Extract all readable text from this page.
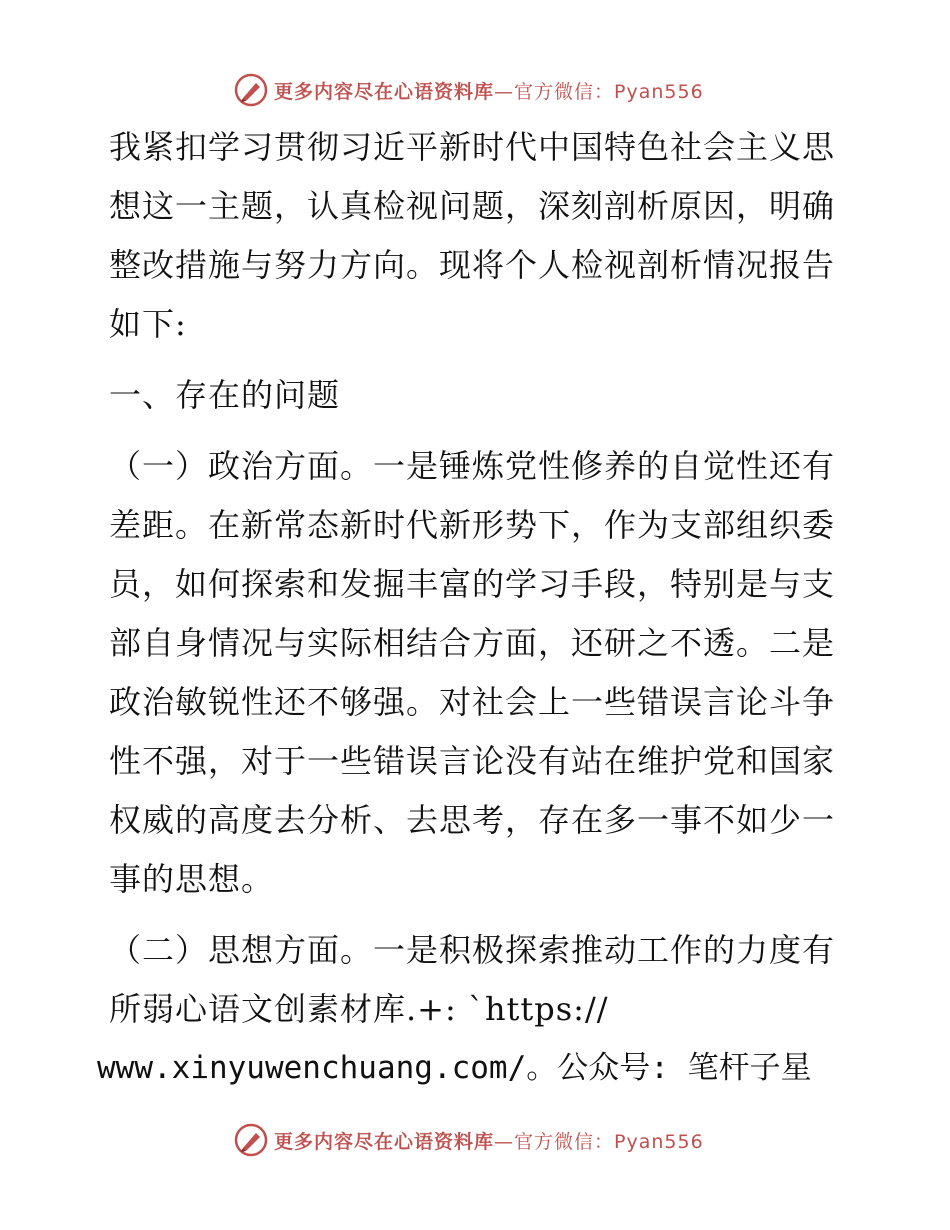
更多内容尽在心语资料库—官方微信：Pyan556

我紧扣学习贯彻习近平新时代中国特色社会主义思想这一主题，认真检视问题，深刻剖析原因，明确整改措施与努力方向。现将个人检视剖析情况报告如下:

一、存在的问题

（一）政治方面。一是锤炼党性修养的自觉性还有差距。在新常态新时代新形势下，作为支部组织委员，如何探索和发掘丰富的学习手段，特别是与支部自身情况与实际相结合方面，还研之不透。二是政治敏锐性还不够强。对社会上一些错误言论斗争性不强，对于一些错误言论没有站在维护党和国家权威的高度去分析、去思考，存在多一事不如少一事的思想。

（二）思想方面。一是积极探索推动工作的力度有所弱心语文创素材库.+: `https://

www.xinyuwenchuang.com/。公众号: 笔杆子星

更多内容尽在心语资料库—官方微信：Pyan556
